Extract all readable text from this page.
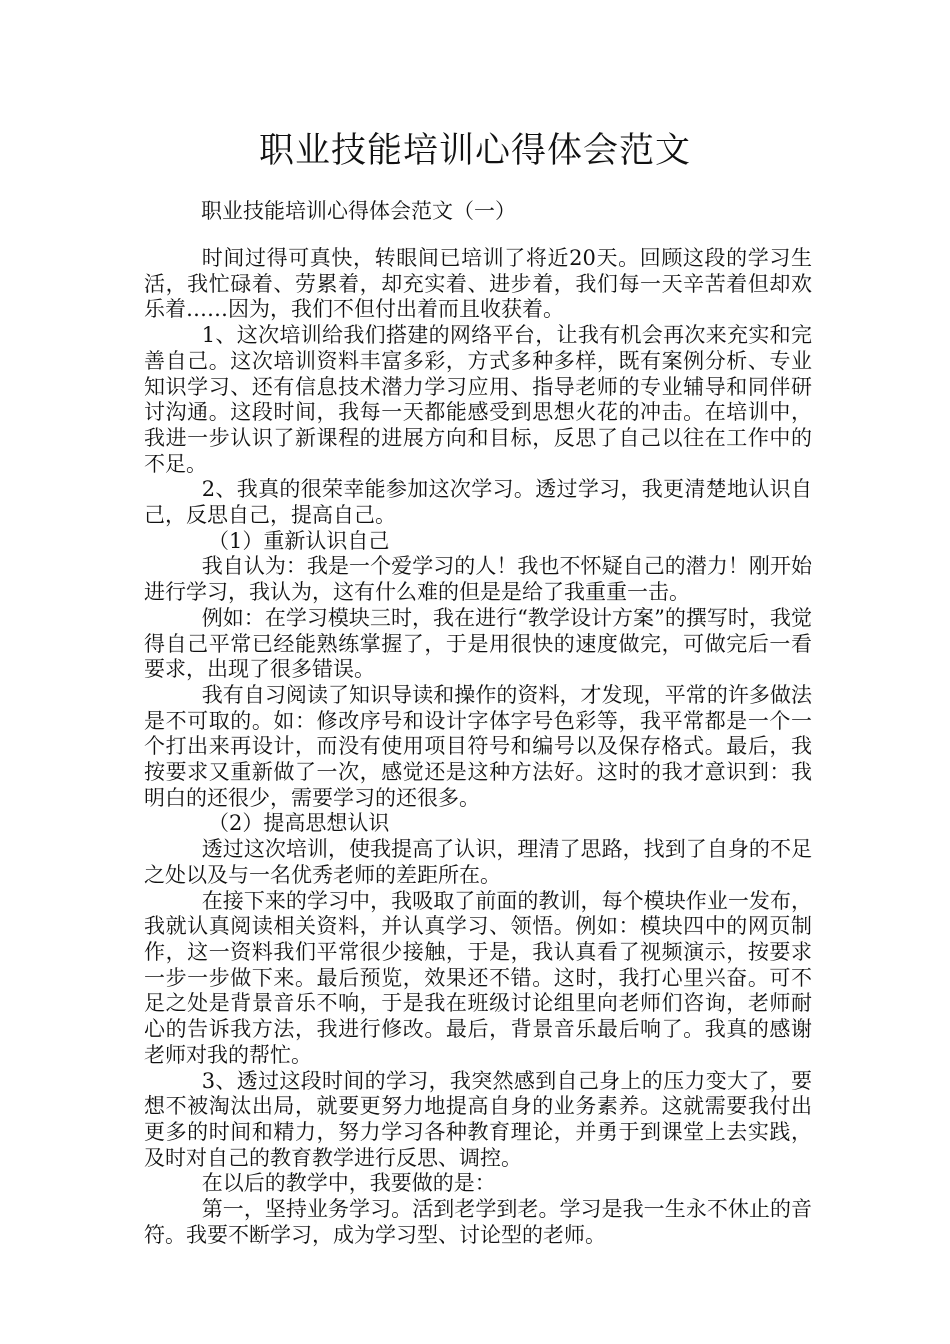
职业技能培训心得体会范文
职业技能培训心得体会范文（一）

时间过得可真快，转眼间已培训了将近20天。回顾这段的学习生活，我忙碌着、劳累着，却充实着、进步着，我们每一天辛苦着但却欢乐着……因为，我们不但付出着而且收获着。

1、这次培训给我们搭建的网络平台，让我有机会再次来充实和完善自己。这次培训资料丰富多彩，方式多种多样，既有案例分析、专业知识学习、还有信息技术潜力学习应用、指导老师的专业辅导和同伴研讨沟通。这段时间，我每一天都能感受到思想火花的冲击。在培训中，我进一步认识了新课程的进展方向和目标，反思了自己以往在工作中的不足。

2、我真的很荣幸能参加这次学习。透过学习，我更清楚地认识自己，反思自己，提高自己。

（1）重新认识自己

我自认为：我是一个爱学习的人！我也不怀疑自己的潜力！刚开始进行学习，我认为，这有什么难的但是是给了我重重一击。

例如：在学习模块三时，我在进行“教学设计方案”的撰写时，我觉得自己平常已经能熟练掌握了，于是用很快的速度做完，可做完后一看要求，出现了很多错误。

我有自习阅读了知识导读和操作的资料，才发现，平常的许多做法是不可取的。如：修改序号和设计字体字号色彩等，我平常都是一个一个打出来再设计，而没有使用项目符号和编号以及保存格式。最后，我按要求又重新做了一次，感觉还是这种方法好。这时的我才意识到：我明白的还很少，需要学习的还很多。

（2）提高思想认识

透过这次培训，使我提高了认识，理清了思路，找到了自身的不足之处以及与一名优秀老师的差距所在。

在接下来的学习中，我吸取了前面的教训，每个模块作业一发布，我就认真阅读相关资料，并认真学习、领悟。例如：模块四中的网页制作，这一资料我们平常很少接触，于是，我认真看了视频演示，按要求一步一步做下来。最后预览，效果还不错。这时，我打心里兴奋。可不足之处是背景音乐不响，于是我在班级讨论组里向老师们咨询，老师耐心的告诉我方法，我进行修改。最后，背景音乐最后响了。我真的感谢老师对我的帮忙。

3、透过这段时间的学习，我突然感到自己身上的压力变大了，要想不被淘汰出局，就要更努力地提高自身的业务素养。这就需要我付出更多的时间和精力，努力学习各种教育理论，并勇于到课堂上去实践，及时对自己的教育教学进行反思、调控。

在以后的教学中，我要做的是：

第一，坚持业务学习。活到老学到老。学习是我一生永不休止的音符。我要不断学习，成为学习型、讨论型的老师。
